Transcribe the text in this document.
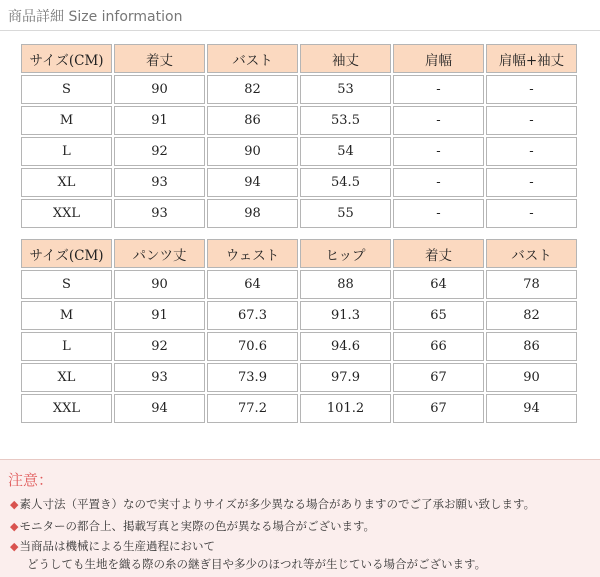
商品詳細 Size information
サイズ(CM)	着丈	バスト	袖丈	肩幅	肩幅+袖丈
S	90	82	53	-	-
M	91	86	53.5	-	-
L	92	90	54	-	-
XL	93	94	54.5	-	-
XXL	93	98	55	-	-
サイズ(CM)	パンツ丈	ウェスト	ヒップ	着丈	バスト
S	90	64	88	64	78
M	91	67.3	91.3	65	82
L	92	70.6	94.6	66	86
XL	93	73.9	97.9	67	90
XXL	94	77.2	101.2	67	94
注意：
◆素人寸法（平置き）なので実寸よりサイズが多少異なる場合がありますのでご了承お願い致します。
◆モニターの都合上、掲載写真と実際の色が異なる場合がございます。
◆当商品は機械による生産過程において
どうしても生地を織る際の糸の継ぎ目や多少のほつれ等が生じている場合がございます。
